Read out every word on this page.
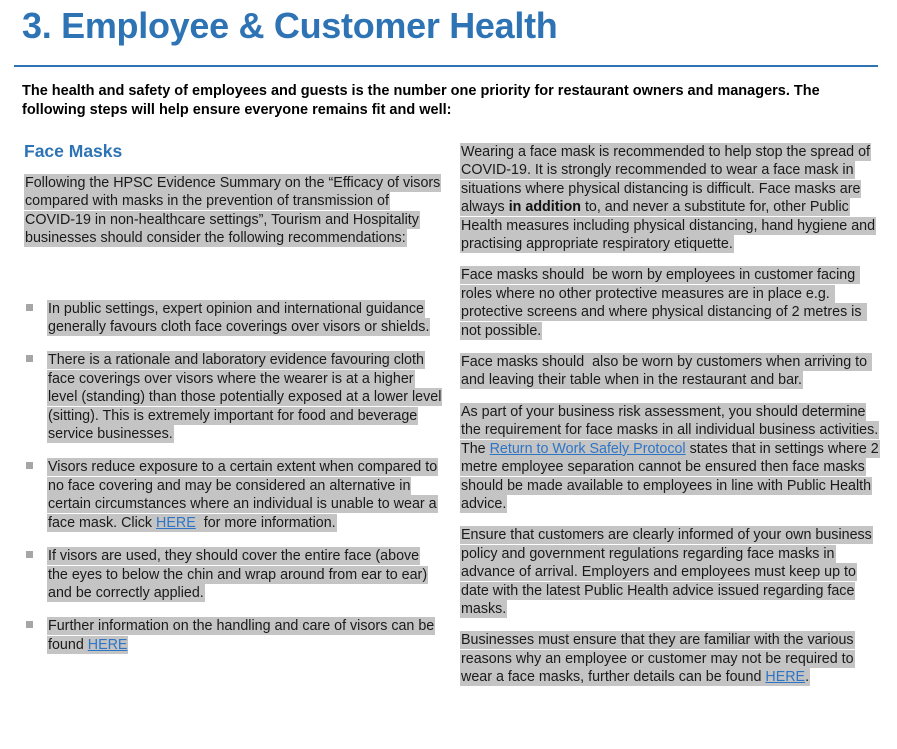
3. Employee & Customer Health

The health and safety of employees and guests is the number one priority for restaurant owners and managers. The following steps will help ensure everyone remains fit and well:

Face Masks

Following the HPSC Evidence Summary on the “Efficacy of visors compared with masks in the prevention of transmission of COVID-19 in non-healthcare settings”, Tourism and Hospitality businesses should consider the following recommendations:

In public settings, expert opinion and international guidance generally favours cloth face coverings over visors or shields.
There is a rationale and laboratory evidence favouring cloth face coverings over visors where the wearer is at a higher level (standing) than those potentially exposed at a lower level (sitting). This is extremely important for food and beverage service businesses.
Visors reduce exposure to a certain extent when compared to no face covering and may be considered an alternative in certain circumstances where an individual is unable to wear a face mask. Click HERE  for more information.
If visors are used, they should cover the entire face (above the eyes to below the chin and wrap around from ear to ear) and be correctly applied.
Further information on the handling and care of visors can be found HERE

Wearing a face mask is recommended to help stop the spread of COVID-19. It is strongly recommended to wear a face mask in situations where physical distancing is difficult. Face masks are always in addition to, and never a substitute for, other Public Health measures including physical distancing, hand hygiene and practising appropriate respiratory etiquette.

Face masks should  be worn by employees in customer facing roles where no other protective measures are in place e.g. protective screens and where physical distancing of 2 metres is not possible.

Face masks should  also be worn by customers when arriving to and leaving their table when in the restaurant and bar.

As part of your business risk assessment, you should determine the requirement for face masks in all individual business activities. The Return to Work Safely Protocol states that in settings where 2 metre employee separation cannot be ensured then face masks should be made available to employees in line with Public Health advice.

Ensure that customers are clearly informed of your own business policy and government regulations regarding face masks in advance of arrival. Employers and employees must keep up to date with the latest Public Health advice issued regarding face masks.

Businesses must ensure that they are familiar with the various reasons why an employee or customer may not be required to wear a face masks, further details can be found HERE.
